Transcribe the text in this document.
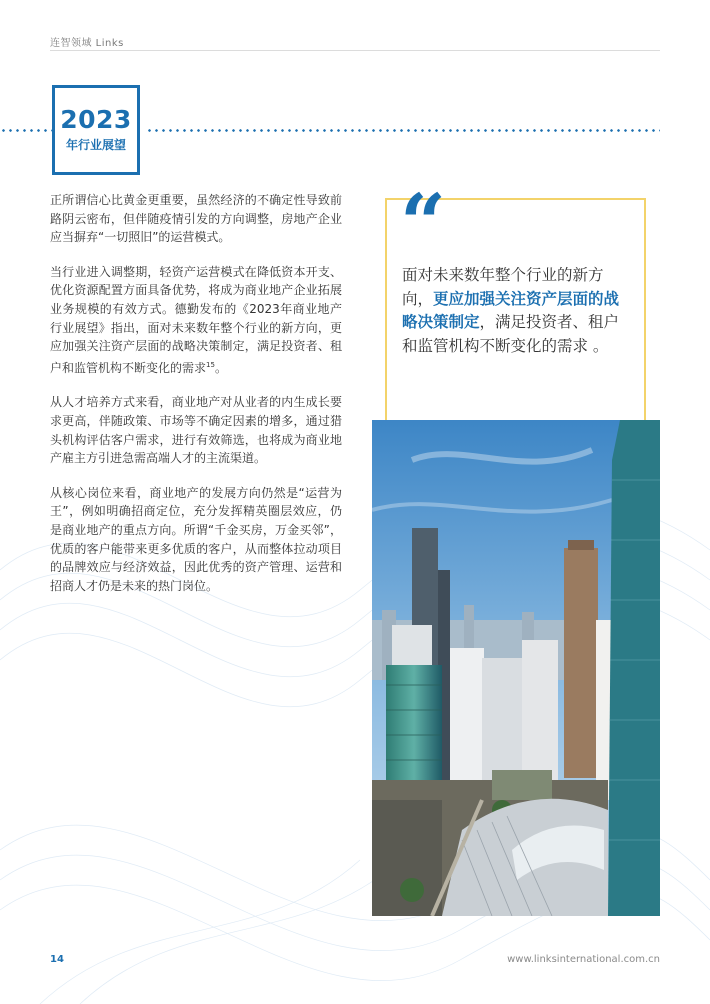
连智领域 Links
2023
年行业展望

正所谓信心比黄金更重要，虽然经济的不确定性导致前路阴云密布，但伴随疫情引发的方向调整，房地产企业应当摒弃“一切照旧”的运营模式。

当行业进入调整期，轻资产运营模式在降低资本开支、优化资源配置方面具备优势，将成为商业地产企业拓展业务规模的有效方式。德勤发布的《2023年商业地产行业展望》指出，面对未来数年整个行业的新方向，更应加强关注资产层面的战略决策制定，满足投资者、租户和监管机构不断变化的需求$^{15}$。

从人才培养方式来看，商业地产对从业者的内生成长要求更高，伴随政策、市场等不确定因素的增多，通过猎头机构评估客户需求，进行有效筛选，也将成为商业地产雇主方引进急需高端人才的主流渠道。

从核心岗位来看，商业地产的发展方向仍然是“运营为王”，例如明确招商定位，充分发挥精英圈层效应，仍是商业地产的重点方向。所谓“千金买房，万金买邻”，优质的客户能带来更多优质的客户，从而整体拉动项目的品牌效应与经济效益，因此优秀的资产管理、运营和招商人才仍是未来的热门岗位。

“
面对未来数年整个行业的新方向，更应加强关注资产层面的战略决策制定，满足投资者、租户和监管机构不断变化的需求 。
14	www.linksinternational.com.cn
